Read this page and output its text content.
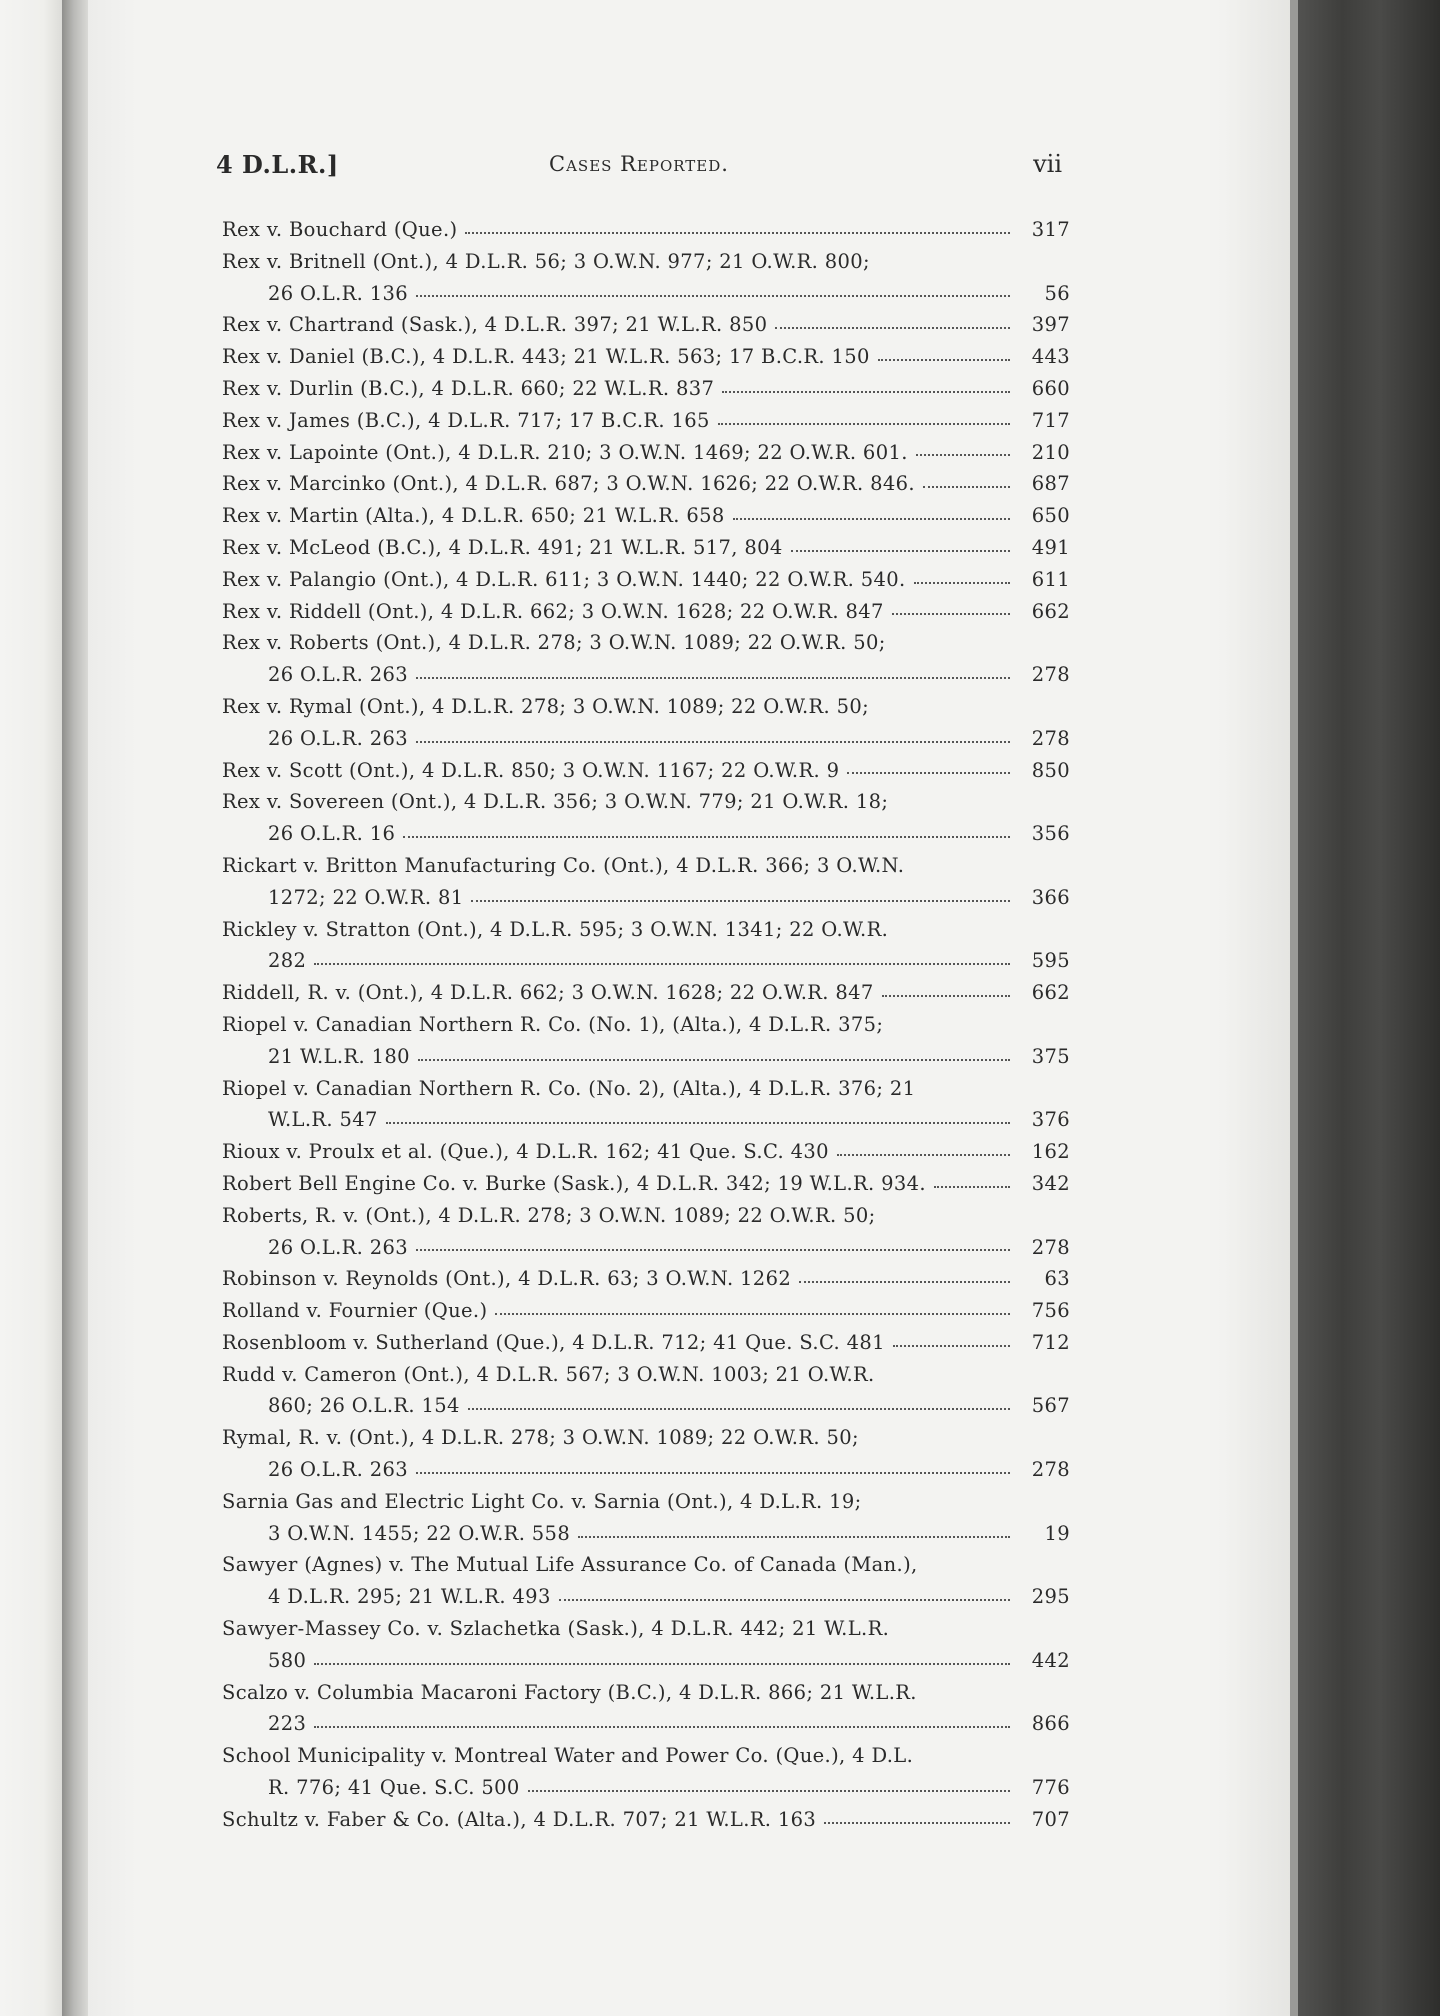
4 D.L.R.]	Cases Reported.	vii
Rex v. Bouchard (Que.)	317
Rex v. Britnell (Ont.), 4 D.L.R. 56; 3 O.W.N. 977; 21 O.W.R. 800;
26 O.L.R. 136	56
Rex v. Chartrand (Sask.), 4 D.L.R. 397; 21 W.L.R. 850	397
Rex v. Daniel (B.C.), 4 D.L.R. 443; 21 W.L.R. 563; 17 B.C.R. 150	443
Rex v. Durlin (B.C.), 4 D.L.R. 660; 22 W.L.R. 837	660
Rex v. James (B.C.), 4 D.L.R. 717; 17 B.C.R. 165	717
Rex v. Lapointe (Ont.), 4 D.L.R. 210; 3 O.W.N. 1469; 22 O.W.R. 601.	210
Rex v. Marcinko (Ont.), 4 D.L.R. 687; 3 O.W.N. 1626; 22 O.W.R. 846.	687
Rex v. Martin (Alta.), 4 D.L.R. 650; 21 W.L.R. 658	650
Rex v. McLeod (B.C.), 4 D.L.R. 491; 21 W.L.R. 517, 804	491
Rex v. Palangio (Ont.), 4 D.L.R. 611; 3 O.W.N. 1440; 22 O.W.R. 540.	611
Rex v. Riddell (Ont.), 4 D.L.R. 662; 3 O.W.N. 1628; 22 O.W.R. 847	662
Rex v. Roberts (Ont.), 4 D.L.R. 278; 3 O.W.N. 1089; 22 O.W.R. 50;
26 O.L.R. 263	278
Rex v. Rymal (Ont.), 4 D.L.R. 278; 3 O.W.N. 1089; 22 O.W.R. 50;
26 O.L.R. 263	278
Rex v. Scott (Ont.), 4 D.L.R. 850; 3 O.W.N. 1167; 22 O.W.R. 9	850
Rex v. Sovereen (Ont.), 4 D.L.R. 356; 3 O.W.N. 779; 21 O.W.R. 18;
26 O.L.R. 16	356
Rickart v. Britton Manufacturing Co. (Ont.), 4 D.L.R. 366; 3 O.W.N.
1272; 22 O.W.R. 81	366
Rickley v. Stratton (Ont.), 4 D.L.R. 595; 3 O.W.N. 1341; 22 O.W.R.
282	595
Riddell, R. v. (Ont.), 4 D.L.R. 662; 3 O.W.N. 1628; 22 O.W.R. 847	662
Riopel v. Canadian Northern R. Co. (No. 1), (Alta.), 4 D.L.R. 375;
21 W.L.R. 180	375
Riopel v. Canadian Northern R. Co. (No. 2), (Alta.), 4 D.L.R. 376; 21
W.L.R. 547	376
Rioux v. Proulx et al. (Que.), 4 D.L.R. 162; 41 Que. S.C. 430	162
Robert Bell Engine Co. v. Burke (Sask.), 4 D.L.R. 342; 19 W.L.R. 934.	342
Roberts, R. v. (Ont.), 4 D.L.R. 278; 3 O.W.N. 1089; 22 O.W.R. 50;
26 O.L.R. 263	278
Robinson v. Reynolds (Ont.), 4 D.L.R. 63; 3 O.W.N. 1262	63
Rolland v. Fournier (Que.)	756
Rosenbloom v. Sutherland (Que.), 4 D.L.R. 712; 41 Que. S.C. 481	712
Rudd v. Cameron (Ont.), 4 D.L.R. 567; 3 O.W.N. 1003; 21 O.W.R.
860; 26 O.L.R. 154	567
Rymal, R. v. (Ont.), 4 D.L.R. 278; 3 O.W.N. 1089; 22 O.W.R. 50;
26 O.L.R. 263	278
Sarnia Gas and Electric Light Co. v. Sarnia (Ont.), 4 D.L.R. 19;
3 O.W.N. 1455; 22 O.W.R. 558	19
Sawyer (Agnes) v. The Mutual Life Assurance Co. of Canada (Man.),
4 D.L.R. 295; 21 W.L.R. 493	295
Sawyer-Massey Co. v. Szlachetka (Sask.), 4 D.L.R. 442; 21 W.L.R.
580	442
Scalzo v. Columbia Macaroni Factory (B.C.), 4 D.L.R. 866; 21 W.L.R.
223	866
School Municipality v. Montreal Water and Power Co. (Que.), 4 D.L.
R. 776; 41 Que. S.C. 500	776
Schultz v. Faber & Co. (Alta.), 4 D.L.R. 707; 21 W.L.R. 163	707
